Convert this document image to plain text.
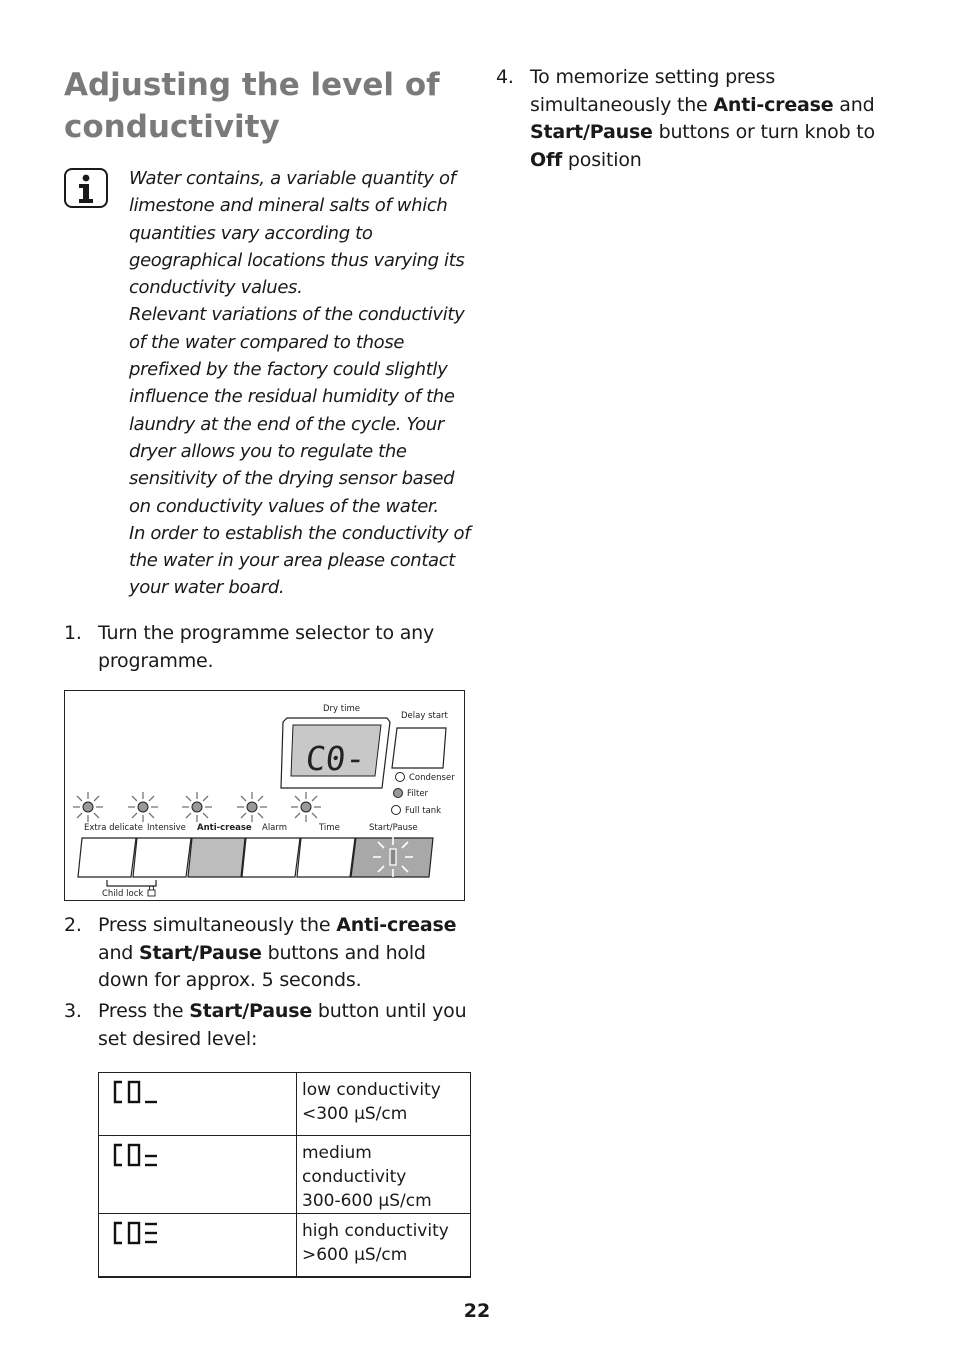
Adjusting the level of conductivity

Water contains, a variable quantity of limestone and mineral salts of which quantities vary according to geographical locations thus varying its conductivity values.

Relevant variations of the conductivity of the water compared to those prefixed by the factory could slightly influence the residual humidity of the laundry at the end of the cycle. Your dryer allows you to regulate the sensitivity of the drying sensor based on conductivity values of the water.

In order to establish the conductivity of the water in your area please contact your water board.

1. Turn the programme selector to any programme.
C0-
Dry time
Delay start
Condenser
Filter
Full tank
Extra delicate Intensive Anti-crease Alarm	Time	Start/Pause
Child lock
2. Press simultaneously the Anti-crease and Start/Pause buttons and hold down for approx. 5 seconds.
3. Press the Start/Pause button until you set desired level:

low conductivity
<300 µS/cm

medium conductivity
300-600 µS/cm

high conductivity
>600 µS/cm
4. To memorize setting press simultaneously the Anti-crease and Start/Pause buttons or turn knob to Off position
22
